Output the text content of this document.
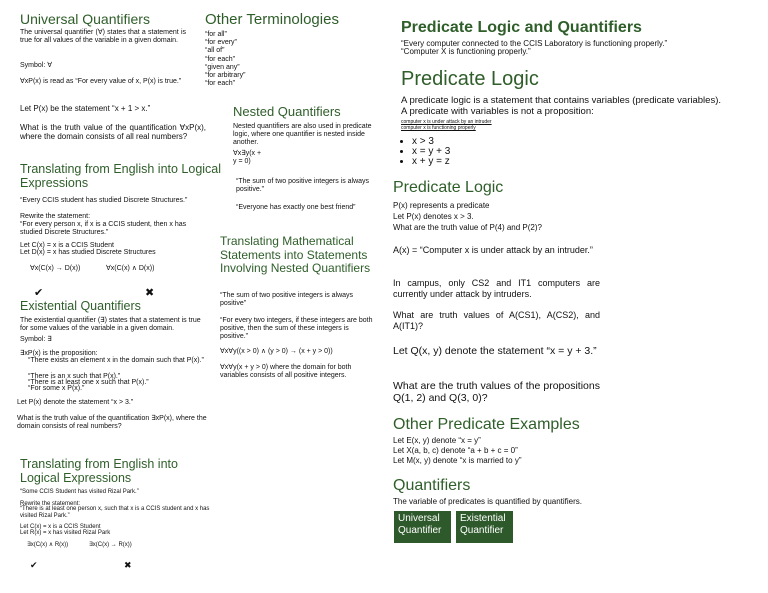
Universal Quantifiers

The universal quantifier (∀) states that a statement is true for all values of the variable in a given domain.

Symbol: ∀

∀xP(x) is read as “For every value of x, P(x) is true.”

Let P(x) be the statement “x + 1 > x.”

What is the truth value of the quantification ∀xP(x), where the domain consists of all real numbers?

Translating from English into Logical Expressions

“Every CCIS student has studied Discrete Structures.”

Rewrite the statement:

“For every person x, if x is a CCIS student, then x has studied Discrete Structures.”

Let C(x) = x is a CCIS Student

Let D(x) = x has studied Discrete Structures

∀x(C(x) → D(x))	∀x(C(x) ∧ D(x))

✔	✖
Existential Quantifiers

The existential quantifier (∃) states that a statement is true for some values of the variable in a given domain.

Symbol: ∃

∃xP(x) is the proposition:

“There exists an element x in the domain such that P(x).”

“There is an x such that P(x).”

“There is at least one x such that P(x).”

“For some x P(x).”

Let P(x) denote the statement “x > 3.”

What is the truth value of the quantification ∃xP(x), where the domain consists of real numbers?

Translating from English into Logical Expressions

“Some CCIS Student has visited Rizal Park.”

Rewrite the statement:

“There is at least one person x, such that x is a CCIS student and x has visited Rizal Park.”

Let C(x) = x is a CCIS Student

Let R(x) = x has visited Rizal Park

∃x(C(x) ∧ R(x))	∃x(C(x) → R(x))

✔	✖
Other Terminologies

“for all”

“for every”

“all of”

“for each”

“given any”

“for arbitrary”

“for each”

Nested Quantifiers

Nested quantifiers are also used in predicate logic, where one quantifier is nested inside another.

∀x∃y(x +

y = 0)

“The sum of two positive integers is always positive.”

“Everyone has exactly one best friend”

Translating Mathematical Statements into Statements Involving Nested Quantifiers

“The sum of two positive integers is always positive”

“For every two integers, if these integers are both positive, then the sum of these integers is positive.”

∀x∀y((x > 0) ∧ (y > 0) → (x + y > 0))

∀x∀y(x + y > 0) where the domain for both variables consists of all positive integers.

Predicate Logic and Quantifiers

“Every computer connected to the CCIS Laboratory is functioning properly.”

“Computer X is functioning properly.”

Predicate Logic

A predicate logic is a statement that contains variables (predicate variables).

A predicate with variables is not a proposition:

computer x is under attack by an intruder

computer x is functioning properly

• x > 3
• x = y + 3
• x + y = z
Predicate Logic

P(x) represents a predicate

Let P(x) denotes x > 3.

What are the truth value of P(4) and P(2)?

A(x) = “Computer x is under attack by an intruder.”

In campus, only CS2 and IT1 computers are currently under attack by intruders.

What are truth values of A(CS1), A(CS2), and A(IT1)?

Let Q(x, y) denote the statement “x = y + 3.”

What are the truth values of the propositions Q(1, 2) and Q(3, 0)?

Other Predicate Examples

Let E(x, y) denote “x = y”

Let X(a, b, c) denote “a + b + c = 0”

Let M(x, y) denote “x is married to y”

Quantifiers

The variable of predicates is quantified by quantifiers.

Universal Quantifier
Existential Quantifier
